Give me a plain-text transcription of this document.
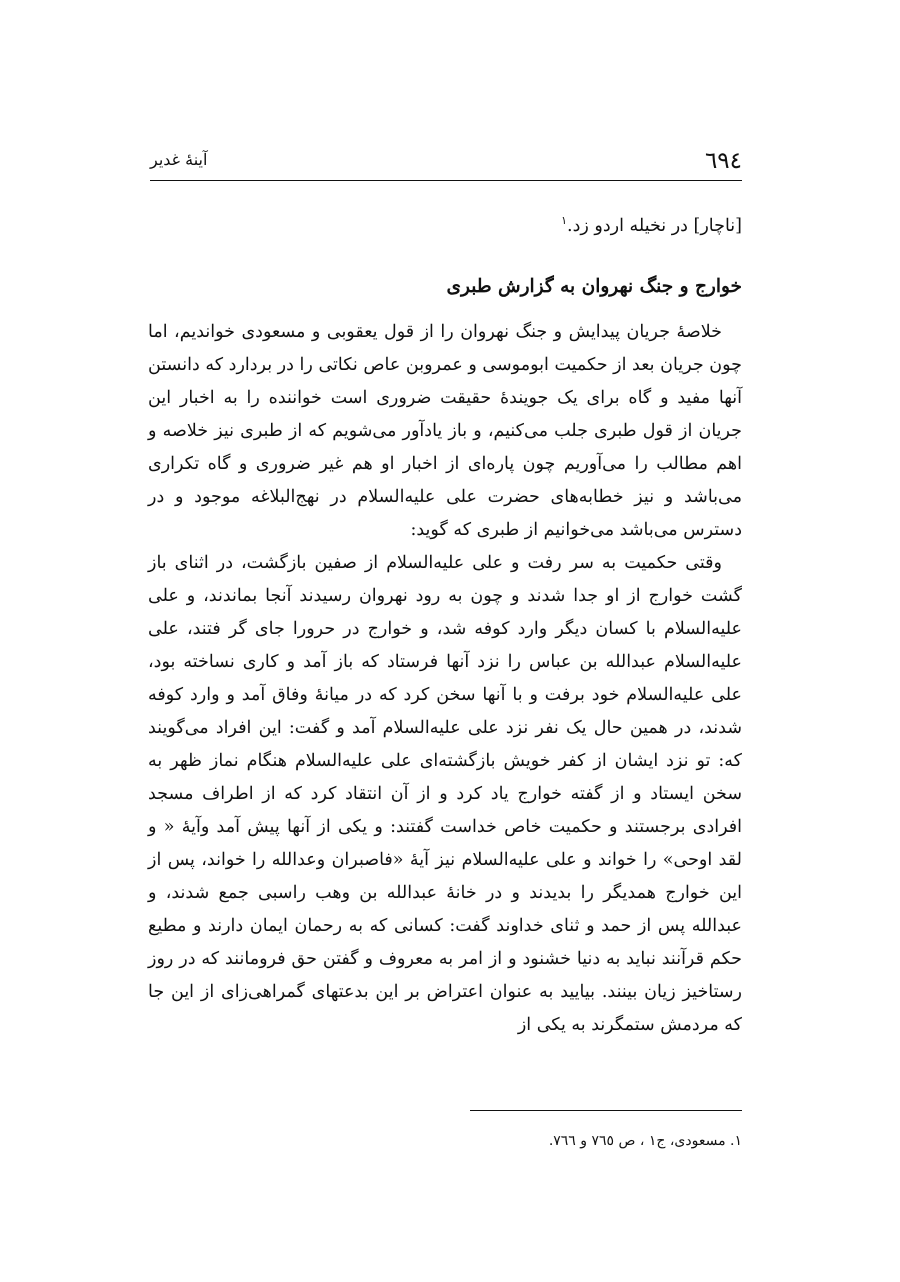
٦٩٤
آینهٔ غدیر

[ناچار] در نخیله اردو زد.$^١$

خوارج و جنگ نهروان به گزارش طبری

خلاصهٔ جریان پیدایش و جنگ نهروان را از قول یعقوبی و مسعودی خواندیم، اما چون جریان بعد از حکمیت ابوموسی و عمروبن عاص نکاتی را در بردارد که دانستن آنها مفید و گاه برای یک جویندهٔ حقیقت ضروری است خواننده را به اخبار این جریان از قول طبری جلب می‌کنیم، و باز یادآور می‌شویم که از طبری نیز خلاصه و اهم مطالب را می‌آوریم چون پاره‌ای از اخبار او هم غیر ضروری و گاه تکراری می‌باشد و نیز خطابه‌های حضرت علی علیه‌السلام در نهج‌البلاغه موجود و در دسترس می‌باشد می‌خوانیم از طبری که گوید:

وقتی حکمیت به سر رفت و علی علیه‌السلام از صفین بازگشت، در اثنای باز گشت خوارج از او جدا شدند و چون به رود نهروان رسیدند آنجا بماندند، و علی علیه‌السلام با کسان دیگر وارد کوفه شد، و خوارج در حرورا جای گر فتند، علی علیه‌السلام عبدالله بن عباس را نزد آنها فرستاد که باز آمد و کاری نساخته بود، علی علیه‌السلام خود برفت و با آنها سخن کرد که در میانهٔ وفاق آمد و وارد کوفه شدند، در همین حال یک نفر نزد علی علیه‌السلام آمد و گفت: این افراد می‌گویند که: تو نزد ایشان از کفر خویش بازگشته‌ای علی علیه‌السلام هنگام نماز ظهر به سخن ایستاد و از گفته خوارج یاد کرد و از آن انتقاد کرد که از اطراف مسجد افرادی برجستند و حکمیت خاص خداست گفتند: و یکی از آنها پیش آمد وآیهٔ « و لقد اوحی» را خواند و علی علیه‌السلام نیز آیهٔ «فاصبران وعدالله را خواند، پس از این خوارج همدیگر را بدیدند و در خانهٔ عبدالله بن وهب راسبی جمع شدند، و عبدالله پس از حمد و ثنای خداوند گفت: کسانی که به رحمان ایمان دارند و مطیع حکم قرآنند نباید به دنیا خشنود و از امر به معروف و گفتن حق فرومانند که در روز رستاخیز زیان بینند. بیایید به عنوان اعتراض بر این بدعتهای گمراهی‌زای از این جا که مردمش ستمگرند به یکی از

١. مسعودی، ج١ ، ص ٧٦٥ و ٧٦٦.
